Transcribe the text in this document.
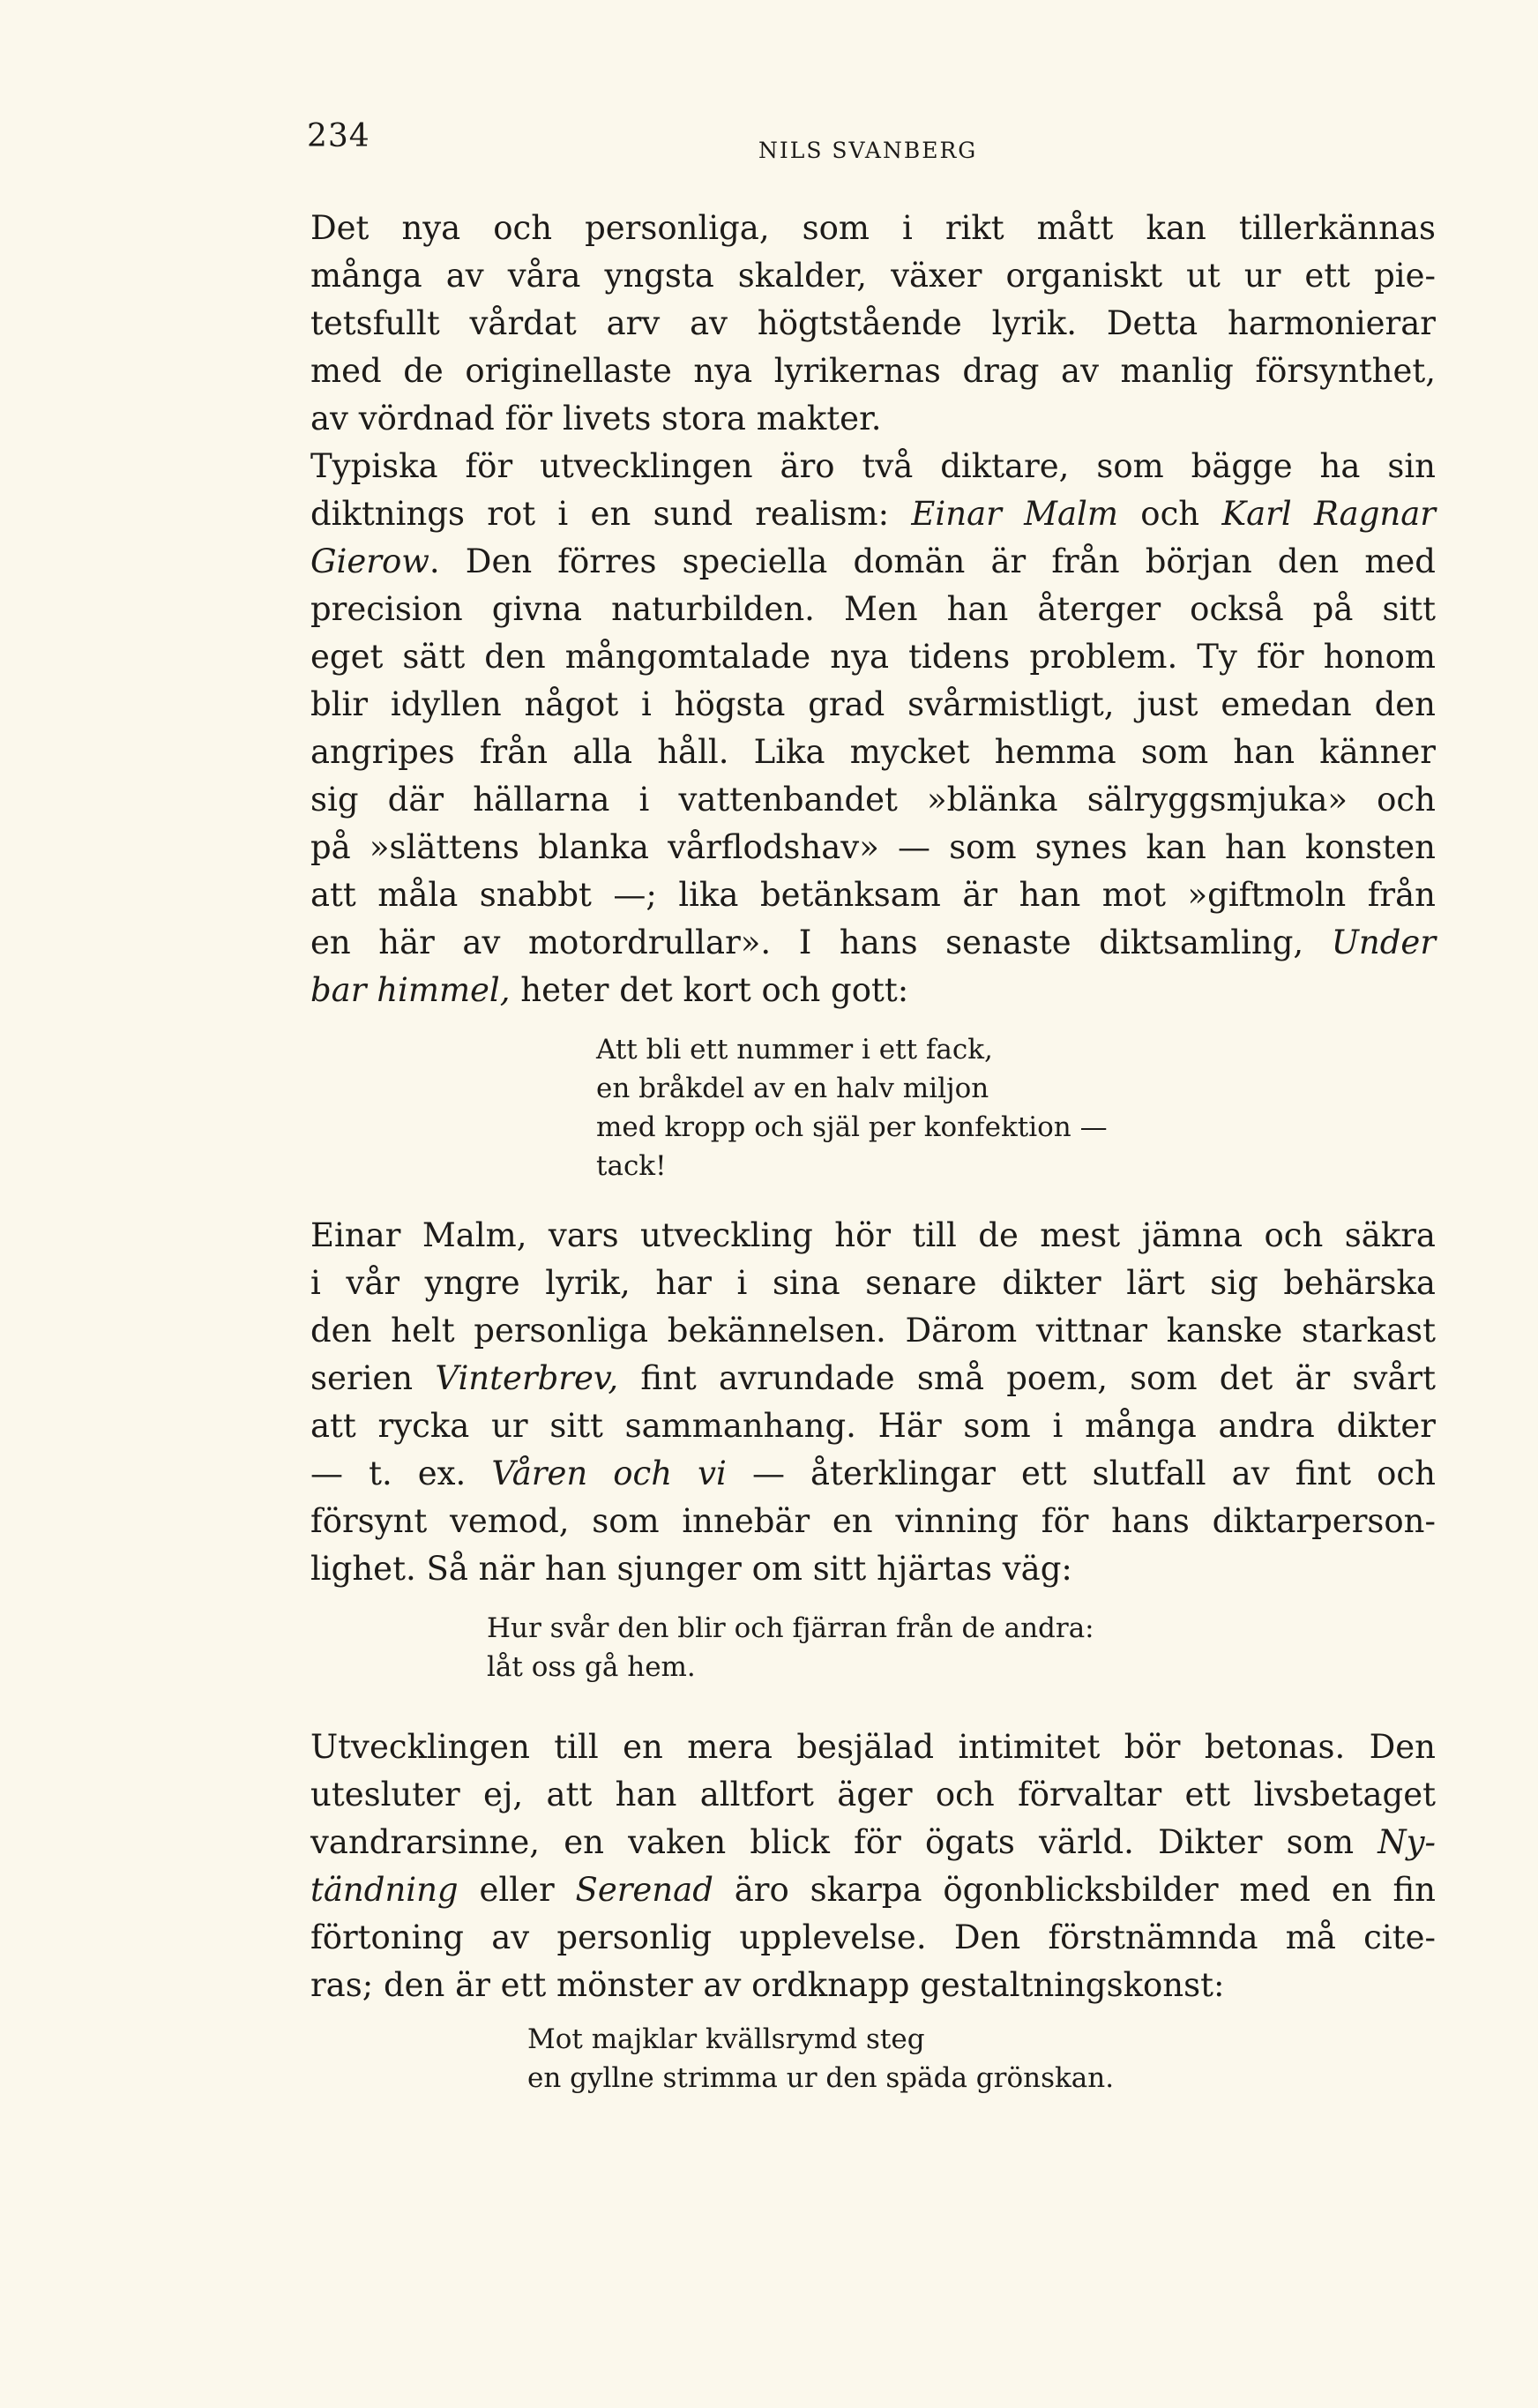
234	NILS SVANBERG
Det nya och personliga, som i rikt mått kan tillerkännas
många av våra yngsta skalder, växer organiskt ut ur ett pie-
tetsfullt vårdat arv av högtstående lyrik. Detta harmonierar
med de originellaste nya lyrikernas drag av manlig försynthet,
av vördnad för livets stora makter.
Typiska för utvecklingen äro två diktare, som bägge ha sin
diktnings rot i en sund realism: Einar Malm och Karl Ragnar
Gierow. Den förres speciella domän är från början den med
precision givna naturbilden. Men han återger också på sitt
eget sätt den mångomtalade nya tidens problem. Ty för honom
blir idyllen något i högsta grad svårmistligt, just emedan den
angripes från alla håll. Lika mycket hemma som han känner
sig där hällarna i vattenbandet »blänka sälryggsmjuka» och
på »slättens blanka vårflodshav» — som synes kan han konsten
att måla snabbt —; lika betänksam är han mot »giftmoln från
en här av motordrullar». I hans senaste diktsamling, Under
bar himmel, heter det kort och gott:
Att bli ett nummer i ett fack,
en bråkdel av en halv miljon
med kropp och själ per konfektion —
tack!
Einar Malm, vars utveckling hör till de mest jämna och säkra
i vår yngre lyrik, har i sina senare dikter lärt sig behärska
den helt personliga bekännelsen. Därom vittnar kanske starkast
serien Vinterbrev, fint avrundade små poem, som det är svårt
att rycka ur sitt sammanhang. Här som i många andra dikter
— t. ex. Våren och vi — återklingar ett slutfall av fint och
försynt vemod, som innebär en vinning för hans diktarperson-
lighet. Så när han sjunger om sitt hjärtas väg:
Hur svår den blir och fjärran från de andra:
låt oss gå hem.
Utvecklingen till en mera besjälad intimitet bör betonas. Den
utesluter ej, att han alltfort äger och förvaltar ett livsbetaget
vandrarsinne, en vaken blick för ögats värld. Dikter som Ny-
tändning eller Serenad äro skarpa ögonblicksbilder med en fin
förtoning av personlig upplevelse. Den förstnämnda må cite-
ras; den är ett mönster av ordknapp gestaltningskonst:
Mot majklar kvällsrymd steg
en gyllne strimma ur den späda grönskan.
